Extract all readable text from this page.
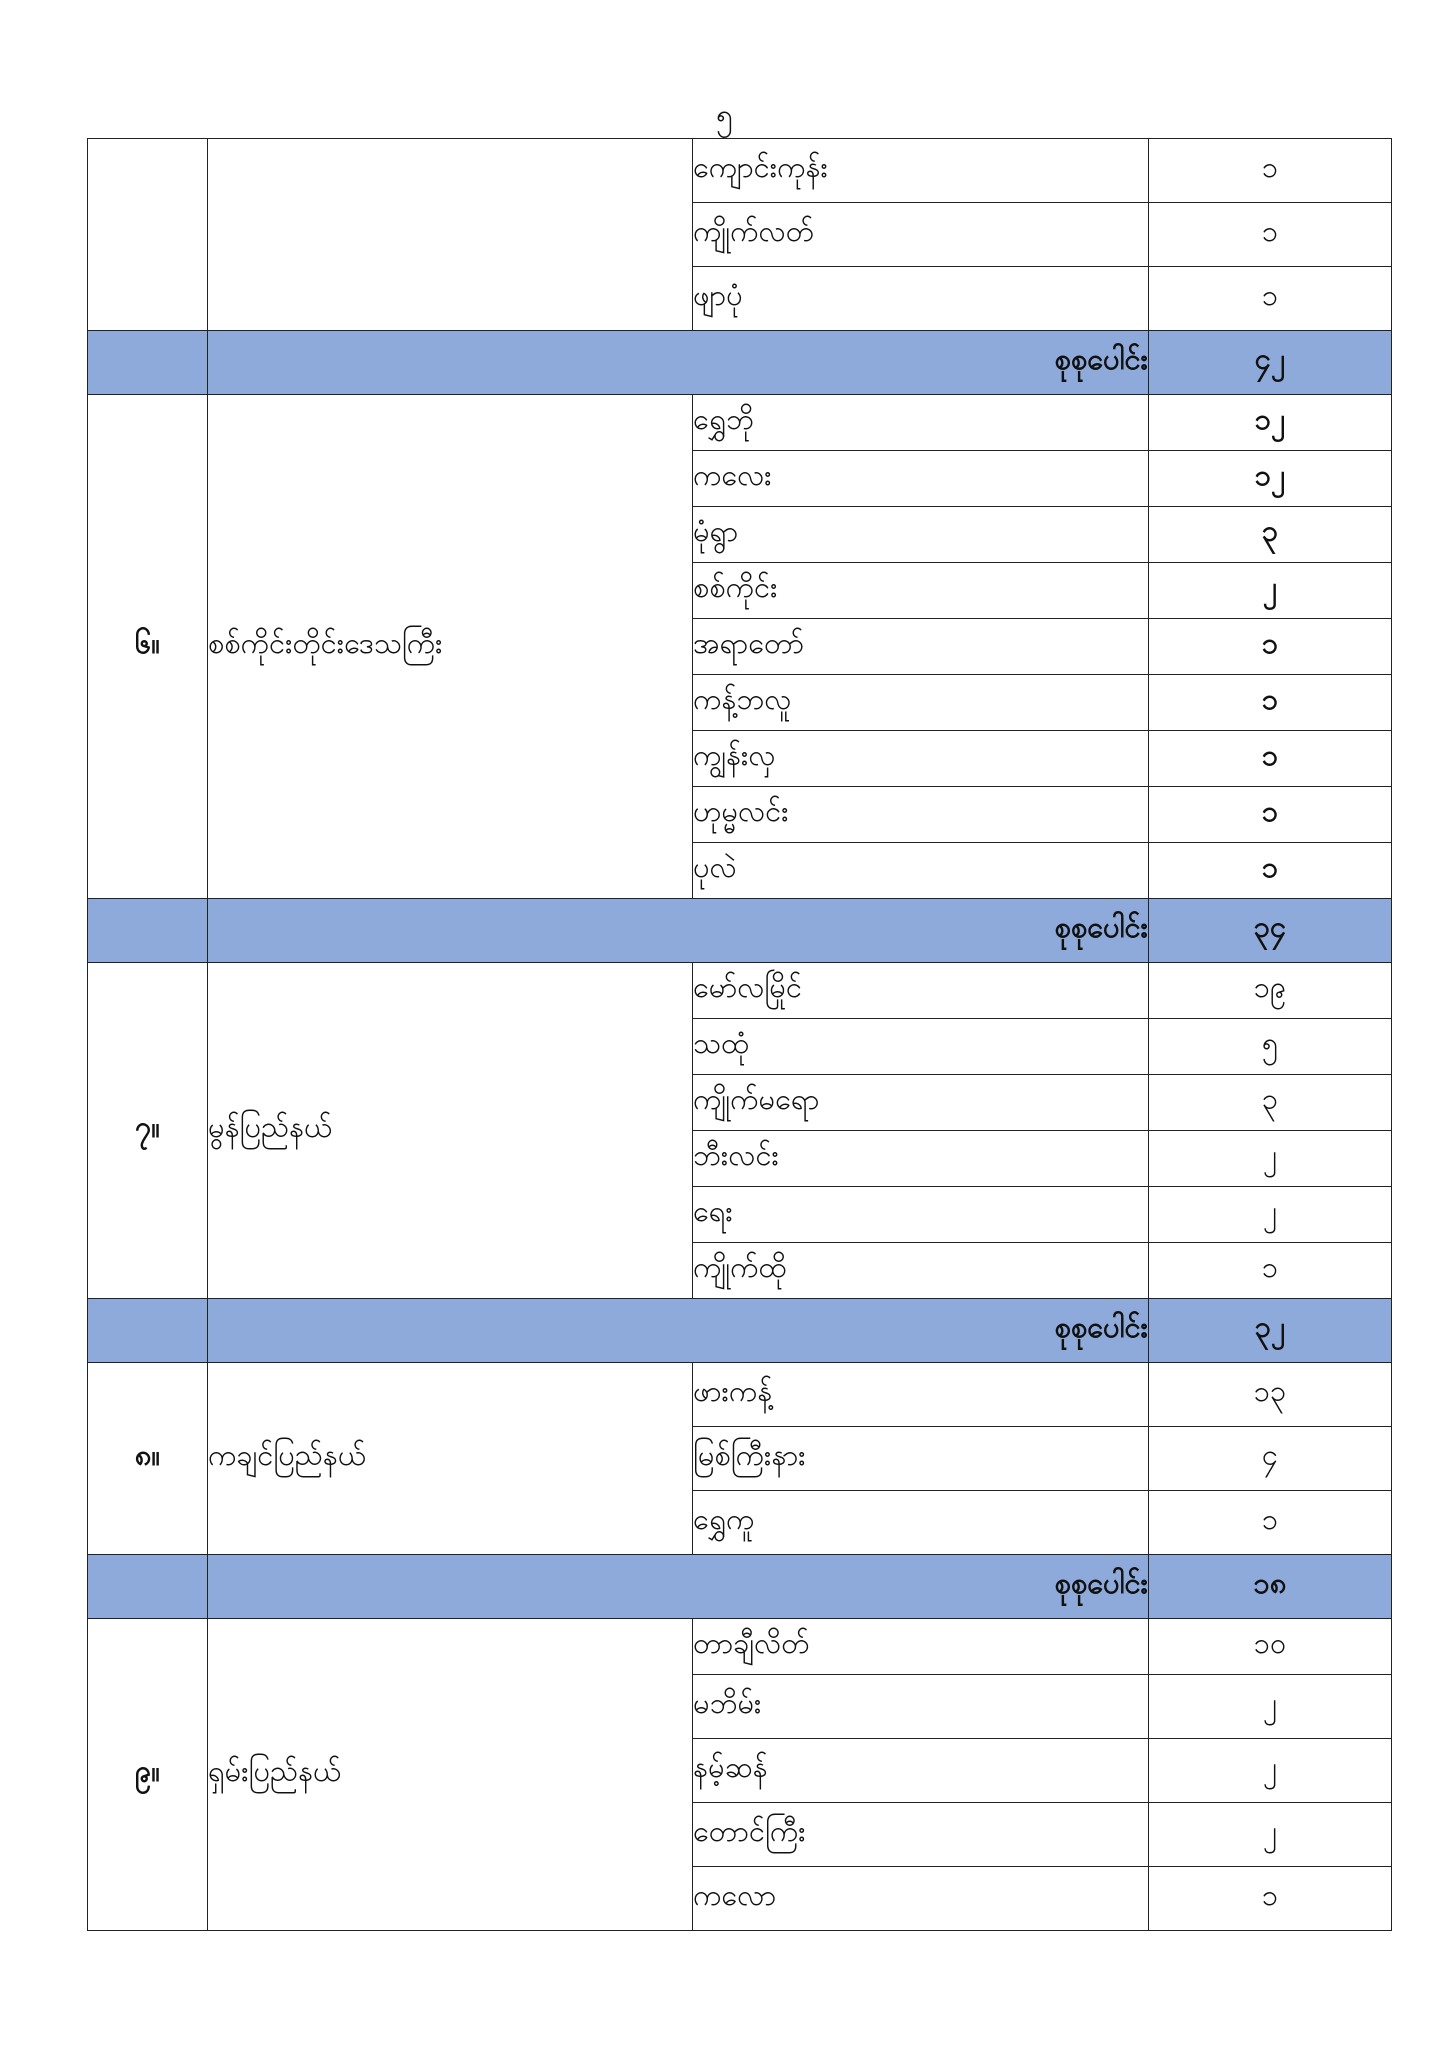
၅
		ကျောင်းကုန်း	၁
		ကျိုက်လတ်	၁
		ဖျာပုံ	၁
	စုစုပေါင်း		၄၂
၆။	စစ်ကိုင်းတိုင်းဒေသကြီး	ရွှေဘို	၁၂
		ကလေး	၁၂
		မုံရွာ	၃
		စစ်ကိုင်း	၂
		အရာတော်	၁
		ကန့်ဘလူ	၁
		ကျွန်းလှ	၁
		ဟုမ္မလင်း	၁
		ပုလဲ	၁
	စုစုပေါင်း		၃၄
၇။	မွန်ပြည်နယ်	မော်လမြိုင်	၁၉
		သထုံ	၅
		ကျိုက်မရော	၃
		ဘီးလင်း	၂
		ရေး	၂
		ကျိုက်ထို	၁
	စုစုပေါင်း		၃၂
၈။	ကချင်ပြည်နယ်	ဖားကန့်	၁၃
		မြစ်ကြီးနား	၄
		ရွှေကူ	၁
	စုစုပေါင်း		၁၈
၉။	ရှမ်းပြည်နယ်	တာချီလိတ်	၁၀
		မဘိမ်း	၂
		နမ့်ဆန်	၂
		တောင်ကြီး	၂
		ကလော	၁
